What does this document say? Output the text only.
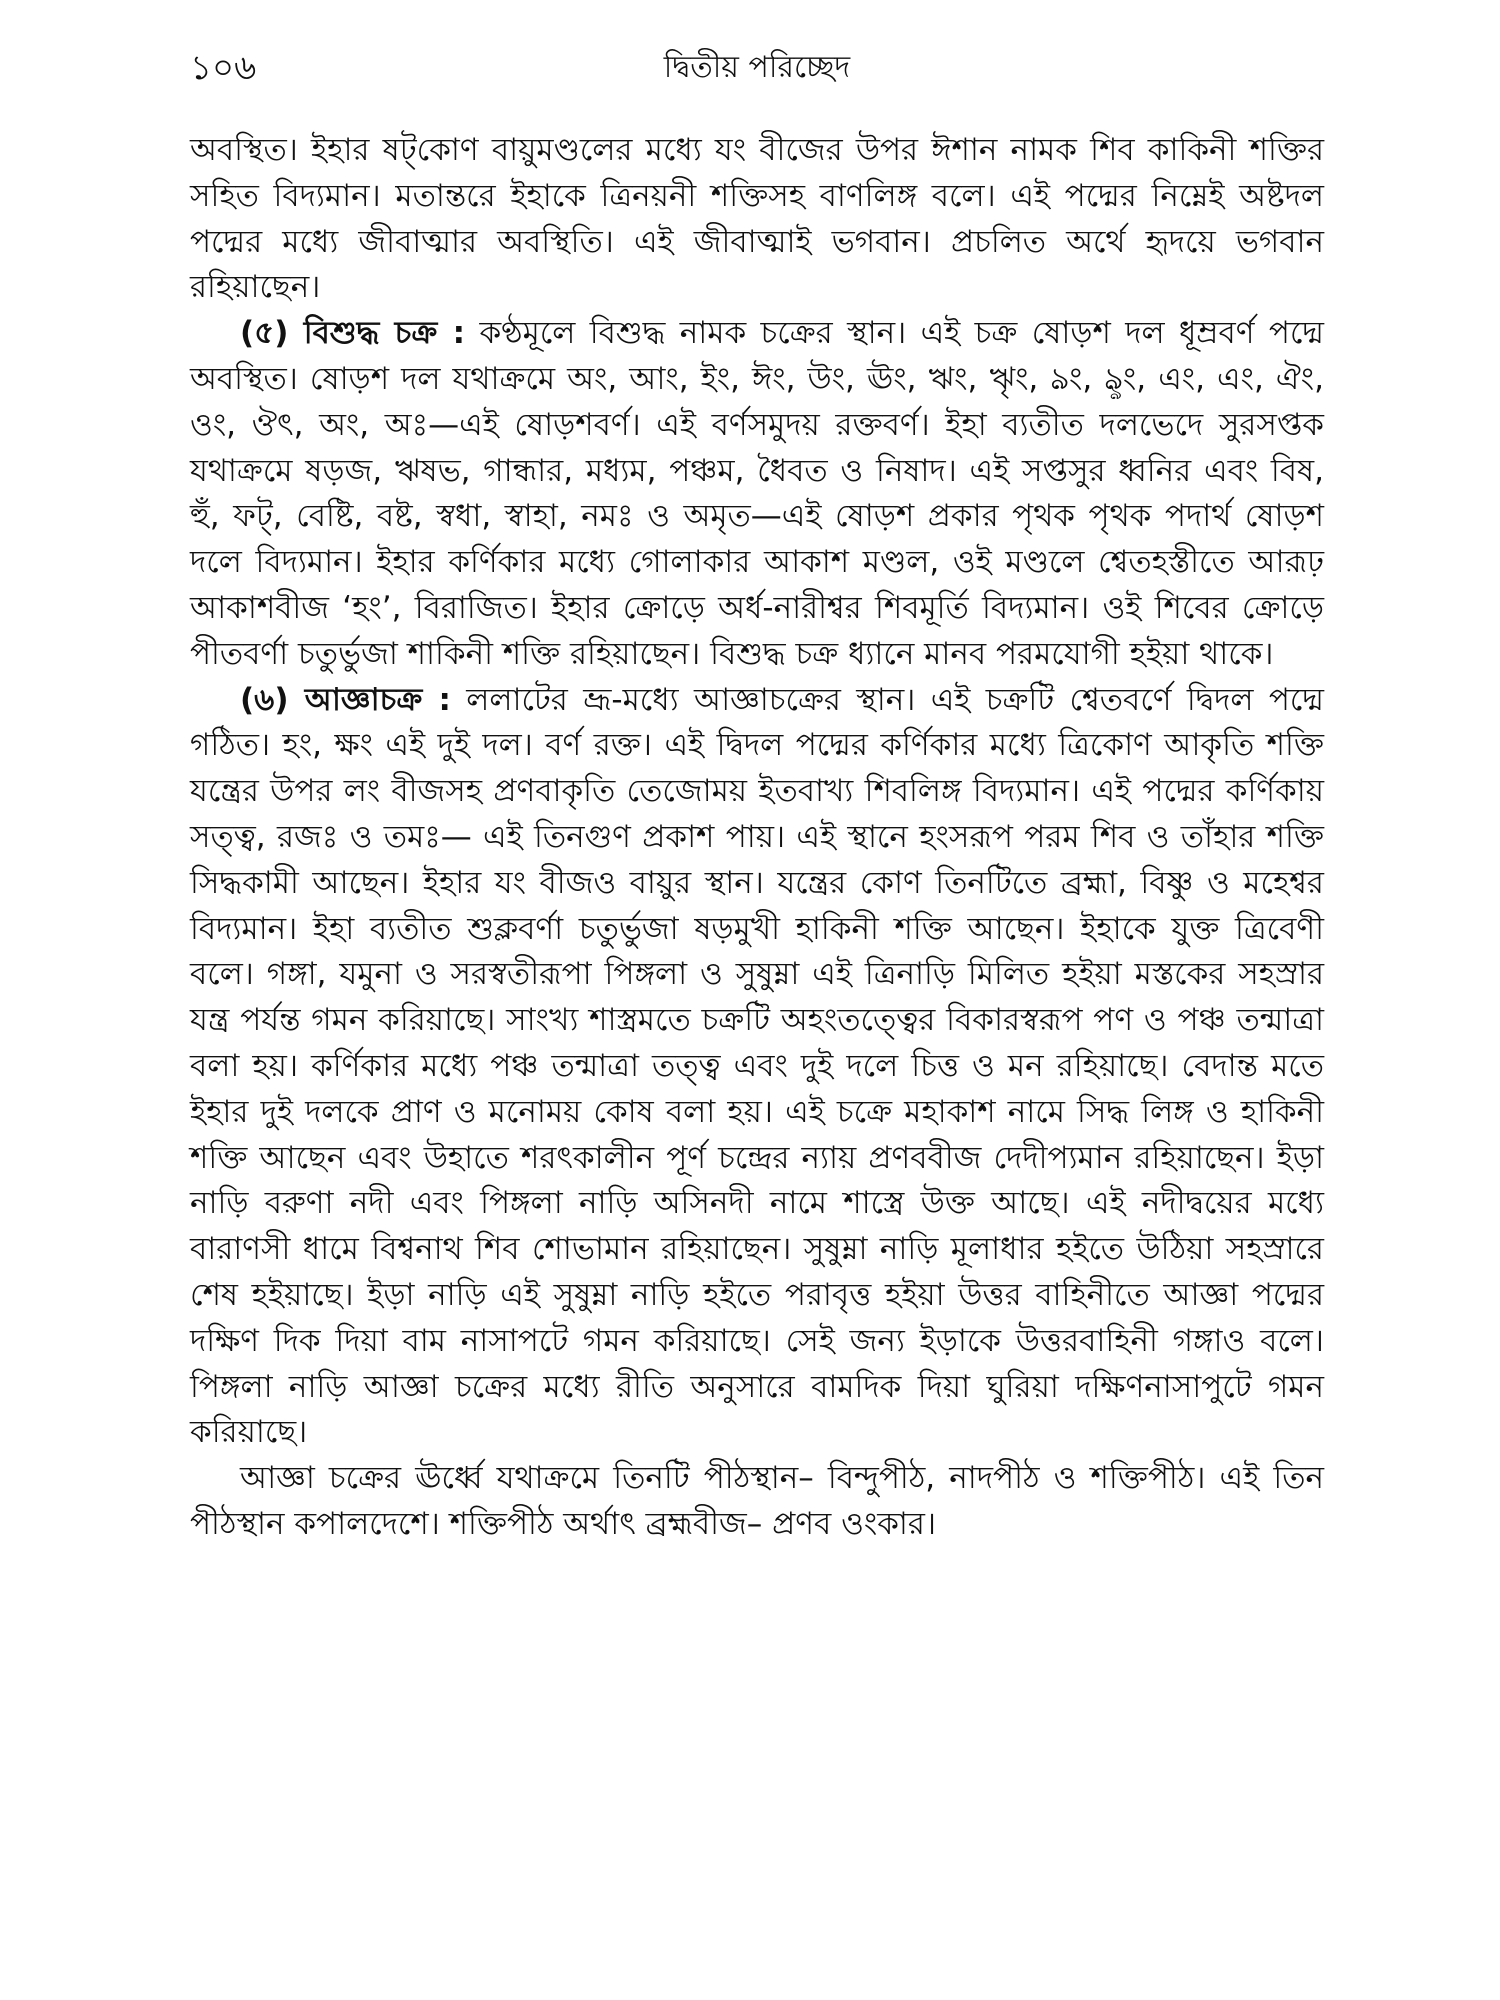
১০৬	দ্বিতীয় পরিচ্ছেদ

অবস্থিত। ইহার ষট্‌কোণ বায়ুমণ্ডলের মধ্যে যং বীজের উপর ঈশান নামক শিব কাকিনী শক্তির সহিত বিদ্যমান। মতান্তরে ইহাকে ত্রিনয়নী শক্তিসহ বাণলিঙ্গ বলে। এই পদ্মের নিম্নেই অষ্টদল পদ্মের মধ্যে জীবাত্মার অবস্থিতি। এই জীবাত্মাই ভগবান। প্রচলিত অর্থে হৃদয়ে ভগবান রহিয়াছেন।

(৫) বিশুদ্ধ চক্র : কণ্ঠমূলে বিশুদ্ধ নামক চক্রের স্থান। এই চক্র ষোড়শ দল ধূম্রবর্ণ পদ্মে অবস্থিত। ষোড়শ দল যথাক্রমে অং, আং, ইং, ঈং, উং, ঊং, ঋং, ৠং, ঌং, ৡং, এং, এং, ঐং, ওং, ঔৎ, অং, অঃ—এই ষোড়শবর্ণ। এই বর্ণসমুদয় রক্তবর্ণ। ইহা ব্যতীত দলভেদে সুরসপ্তক যথাক্রমে ষড়জ, ঋষভ, গান্ধার, মধ্যম, পঞ্চম, ধৈবত ও নিষাদ। এই সপ্তসুর ধ্বনির এবং বিষ, হুঁ, ফট্‌, বেষ্টি, বষ্ট, স্বধা, স্বাহা, নমঃ ও অমৃত—এই ষোড়শ প্রকার পৃথক পৃথক পদার্থ ষোড়শ দলে বিদ্যমান। ইহার কর্ণিকার মধ্যে গোলাকার আকাশ মণ্ডল, ওই মণ্ডলে শ্বেতহস্তীতে আরূঢ় আকাশবীজ ‘হং’, বিরাজিত। ইহার ক্রোড়ে অর্ধ-নারীশ্বর শিবমূর্তি বিদ্যমান। ওই শিবের ক্রোড়ে পীতবর্ণা চতুর্ভুজা শাকিনী শক্তি রহিয়াছেন। বিশুদ্ধ চক্র ধ্যানে মানব পরমযোগী হইয়া থাকে।

(৬) আজ্ঞাচক্র : ললাটের ভ্রূ-মধ্যে আজ্ঞাচক্রের স্থান। এই চক্রটি শ্বেতবর্ণে দ্বিদল পদ্মে গঠিত। হং, ক্ষং এই দুই দল। বর্ণ রক্ত। এই দ্বিদল পদ্মের কর্ণিকার মধ্যে ত্রিকোণ আকৃতি শক্তি যন্ত্রের উপর লং বীজসহ প্রণবাকৃতি তেজোময় ইতবাখ্য শিবলিঙ্গ বিদ্যমান। এই পদ্মের কর্ণিকায় সত্ত্ব, রজঃ ও তমঃ— এই তিনগুণ প্রকাশ পায়। এই স্থানে হংসরূপ পরম শিব ও তাঁহার শক্তি সিদ্ধকামী আছেন। ইহার যং বীজও বায়ুর স্থান। যন্ত্রের কোণ তিনটিতে ব্রহ্মা, বিষ্ণু ও মহেশ্বর বিদ্যমান। ইহা ব্যতীত শুক্লবর্ণা চতুর্ভুজা ষড়মুখী হাকিনী শক্তি আছেন। ইহাকে যুক্ত ত্রিবেণী বলে। গঙ্গা, যমুনা ও সরস্বতীরূপা পিঙ্গলা ও সুষুম্না এই ত্রিনাড়ি মিলিত হইয়া মস্তকের সহস্রার যন্ত্র পর্যন্ত গমন করিয়াছে। সাংখ্য শাস্ত্রমতে চক্রটি অহংতত্ত্বের বিকারস্বরূপ পণ ও পঞ্চ তন্মাত্রা বলা হয়। কর্ণিকার মধ্যে পঞ্চ তন্মাত্রা তত্ত্ব এবং দুই দলে চিত্ত ও মন রহিয়াছে। বেদান্ত মতে ইহার দুই দলকে প্রাণ ও মনোময় কোষ বলা হয়। এই চক্রে মহাকাশ নামে সিদ্ধ লিঙ্গ ও হাকিনী শক্তি আছেন এবং উহাতে শরৎকালীন পূর্ণ চন্দ্রের ন্যায় প্রণববীজ দেদীপ্যমান রহিয়াছেন। ইড়া নাড়ি বরুণা নদী এবং পিঙ্গলা নাড়ি অসিনদী নামে শাস্ত্রে উক্ত আছে। এই নদীদ্বয়ের মধ্যে বারাণসী ধামে বিশ্বনাথ শিব শোভামান রহিয়াছেন। সুষুম্না নাড়ি মূলাধার হইতে উঠিয়া সহস্রারে শেষ হইয়াছে। ইড়া নাড়ি এই সুষুম্না নাড়ি হইতে পরাবৃত্ত হইয়া উত্তর বাহিনীতে আজ্ঞা পদ্মের দক্ষিণ দিক দিয়া বাম নাসাপটে গমন করিয়াছে। সেই জন্য ইড়াকে উত্তরবাহিনী গঙ্গাও বলে। পিঙ্গলা নাড়ি আজ্ঞা চক্রের মধ্যে রীতি অনুসারে বামদিক দিয়া ঘুরিয়া দক্ষিণনাসাপুটে গমন করিয়াছে।

আজ্ঞা চক্রের ঊর্ধ্বে যথাক্রমে তিনটি পীঠস্থান– বিন্দুপীঠ, নাদপীঠ ও শক্তিপীঠ। এই তিন পীঠস্থান কপালদেশে। শক্তিপীঠ অর্থাৎ ব্রহ্মবীজ– প্রণব ওংকার।
